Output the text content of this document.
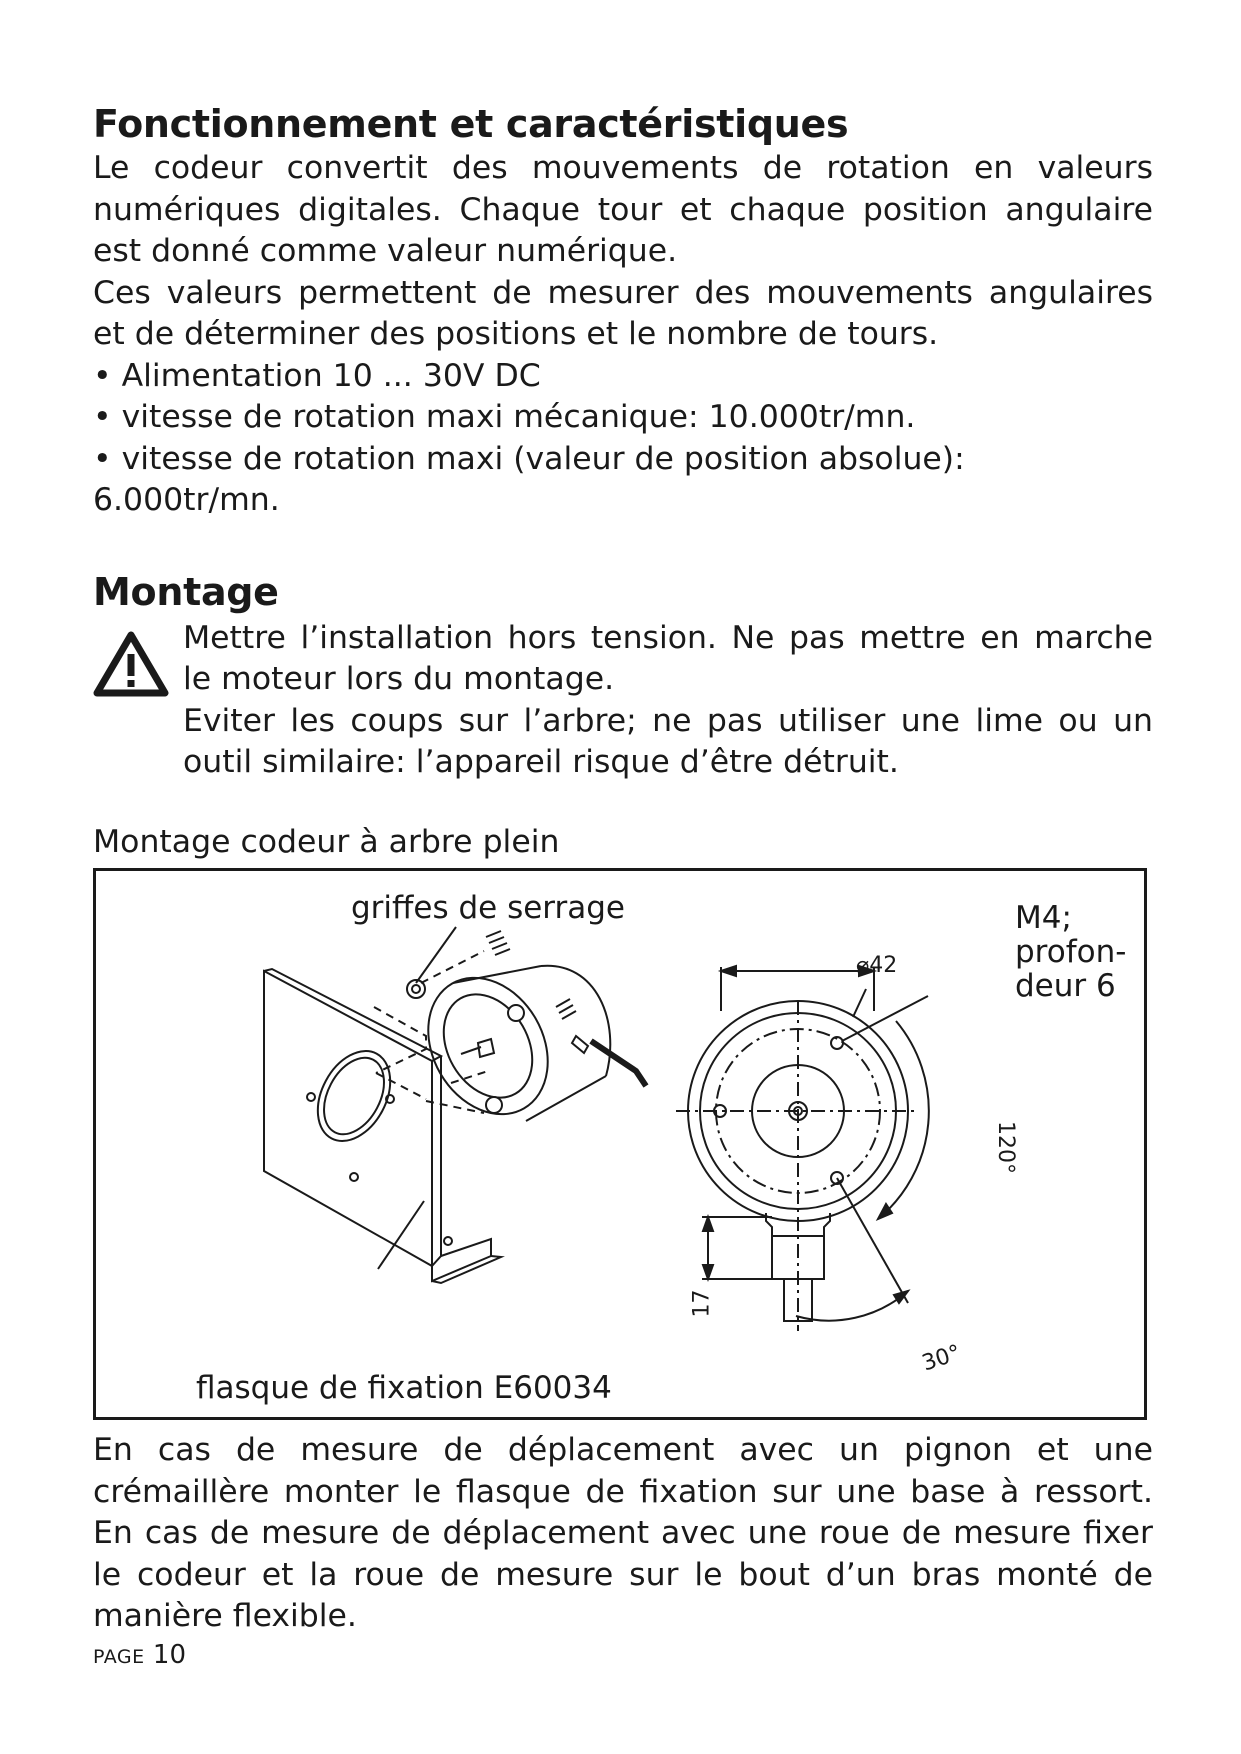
Fonctionnement et caractéristiques

Le codeur convertit des mouvements de rotation en valeurs numériques digitales. Chaque tour et chaque position angulaire est donné comme valeur numérique.

Ces valeurs permettent de mesurer des mouvements angulaires et de déterminer des positions et le nombre de tours.

• Alimentation 10 ... 30V DC
• vitesse de rotation maxi mécanique: 10.000tr/mn.
• vitesse de rotation maxi (valeur de position absolue): 6.000tr/mn.
Montage

Mettre l’installation hors tension. Ne pas mettre en marche le moteur lors du montage.

Eviter les coups sur l’arbre; ne pas utiliser une lime ou un outil similaire: l’appareil risque d’être détruit.

Montage codeur à arbre plein

griffes de serrage
flasque de fixation E60034
M4;
profon-
deur 6
⌀42
120°
17
30°

En cas de mesure de déplacement avec un pignon et une crémaillère monter le flasque de fixation sur une base à ressort. En cas de mesure de déplacement avec une roue de mesure fixer le codeur et la roue de mesure sur le bout d’un bras monté de manière flexible.

PAGE 10
